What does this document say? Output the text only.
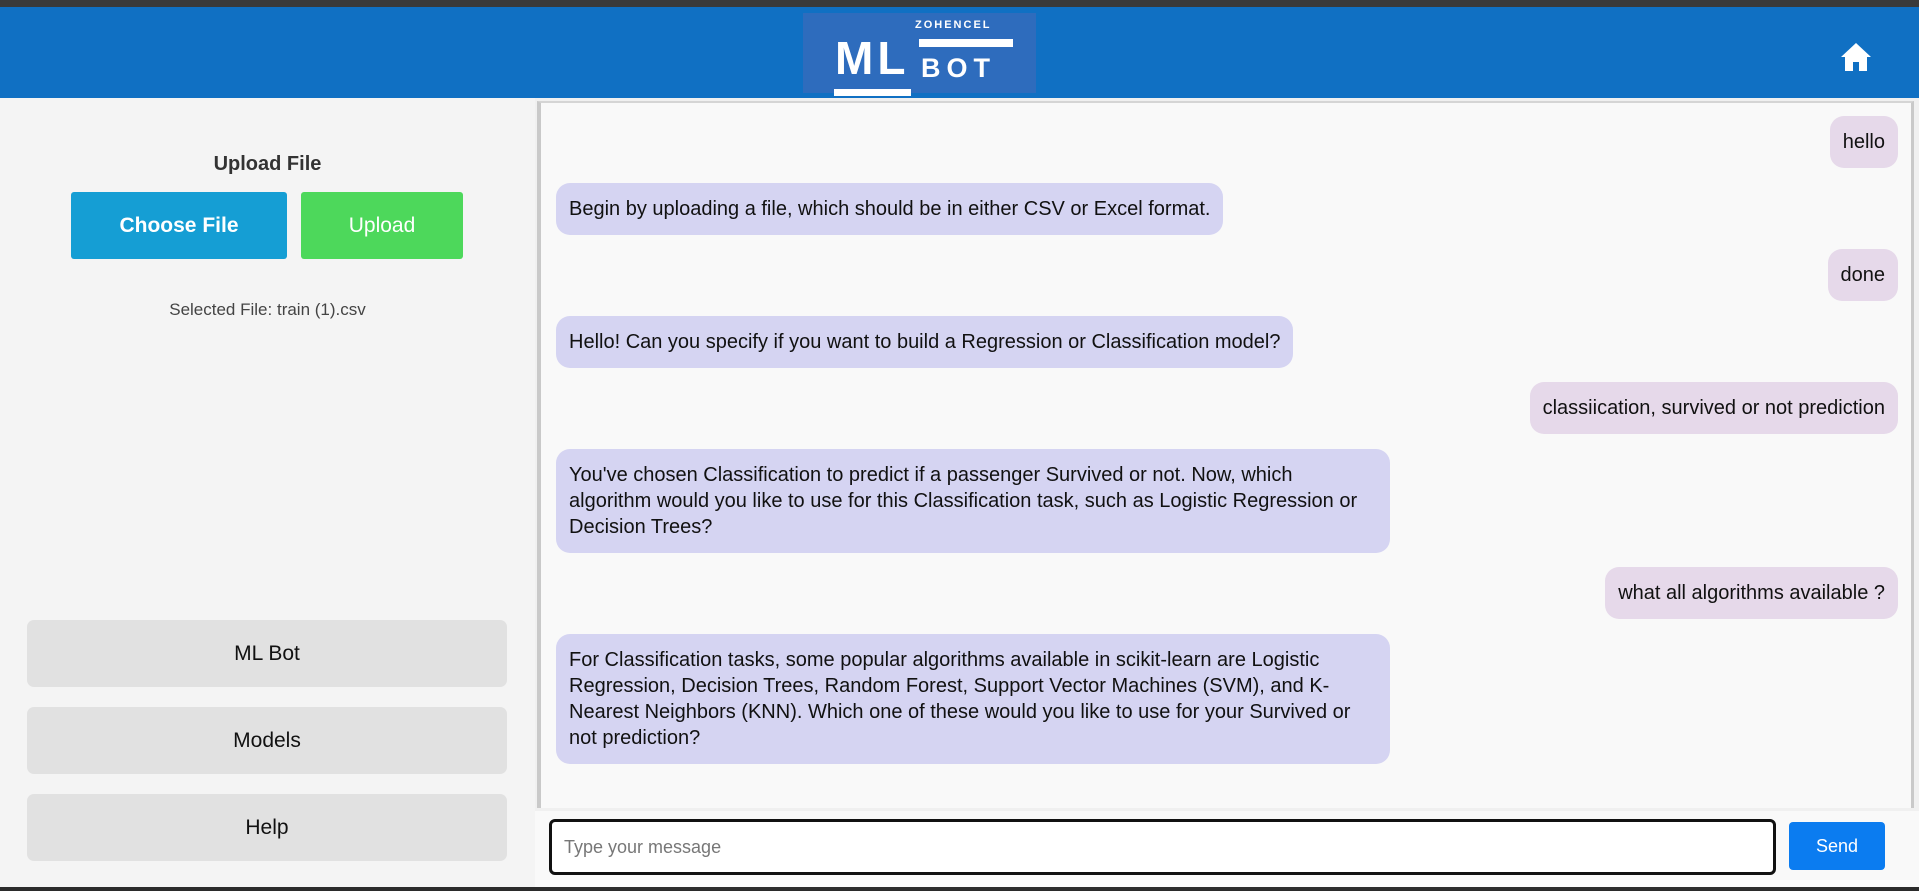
ZOHENCEL
ML BOT
Upload File
Choose File	Upload
Selected File: train (1).csv
ML Bot
Models
Help
hello
Begin by uploading a file, which should be in either CSV or Excel format.
done
Hello! Can you specify if you want to build a Regression or Classification model?
classiication, survived or not prediction
You've chosen Classification to predict if a passenger Survived or not. Now, which algorithm would you like to use for this Classification task, such as Logistic Regression or Decision Trees?
what all algorithms available ?
For Classification tasks, some popular algorithms available in scikit-learn are Logistic Regression, Decision Trees, Random Forest, Support Vector Machines (SVM), and K-Nearest Neighbors (KNN). Which one of these would you like to use for your Survived or not prediction?
Type your message
Send
